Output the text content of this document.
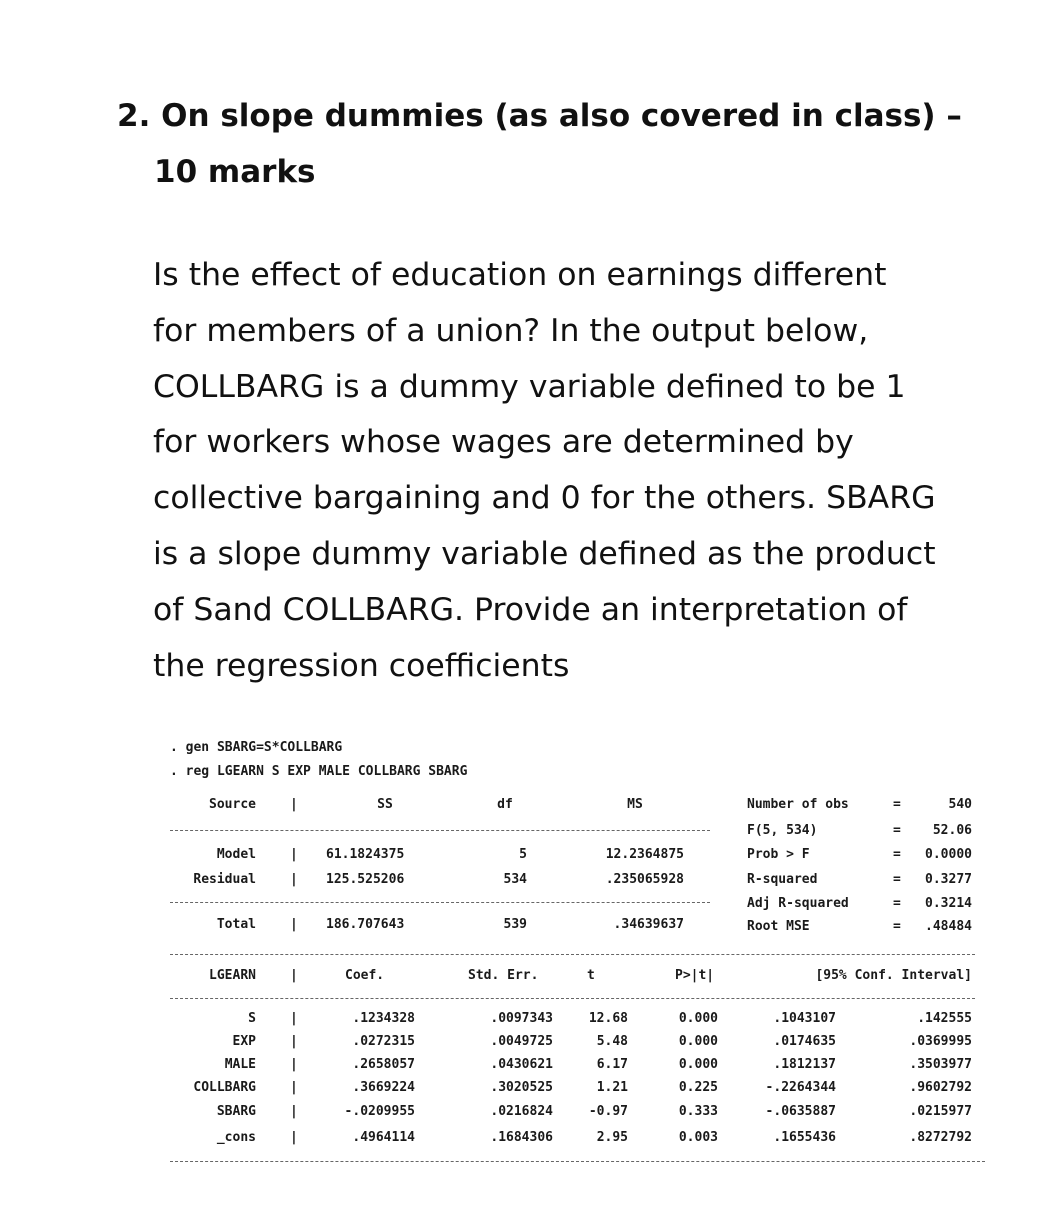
2. On slope dummies (as also covered in class) –
10 marks
Is the effect of education on earnings different
for members of a union? In the output below,
COLLBARG is a dummy variable defined to be 1
for workers whose wages are determined by
collective bargaining and 0 for the others. SBARG
is a slope dummy variable defined as the product
of Sand COLLBARG. Provide an interpretation of
the regression coefficients
. gen SBARG=S*COLLBARG
. reg LGEARN S EXP MALE COLLBARG SBARG
Source	|	SS	df	MS
Model	| 61.1824375	5	12.2364875
Residual	| 125.525206	534	.235065928
Total	| 186.707643	539	.34639637
Number of obs	=	540
F(5, 534)	= 52.06
Prob > F	= 0.0000
R-squared	= 0.3277
Adj R-squared	= 0.3214
Root MSE	= .48484
LGEARN	|	Coef.	Std. Err.	t	P>|t|	[95% Conf. Interval]
S	|	.1234328	.0097343	12.68	0.000	.1043107	.142555
EXP	|	.0272315	.0049725	5.48	0.000	.0174635	.0369995
MALE	|	.2658057	.0430621	6.17	0.000	.1812137	.3503977
COLLBARG	|	.3669224	.3020525	1.21	0.225	-.2264344	.9602792
SBARG	|	-.0209955	.0216824	-0.97	0.333	-.0635887	.0215977
_cons	|	.4964114	.1684306	2.95	0.003	.1655436	.8272792
